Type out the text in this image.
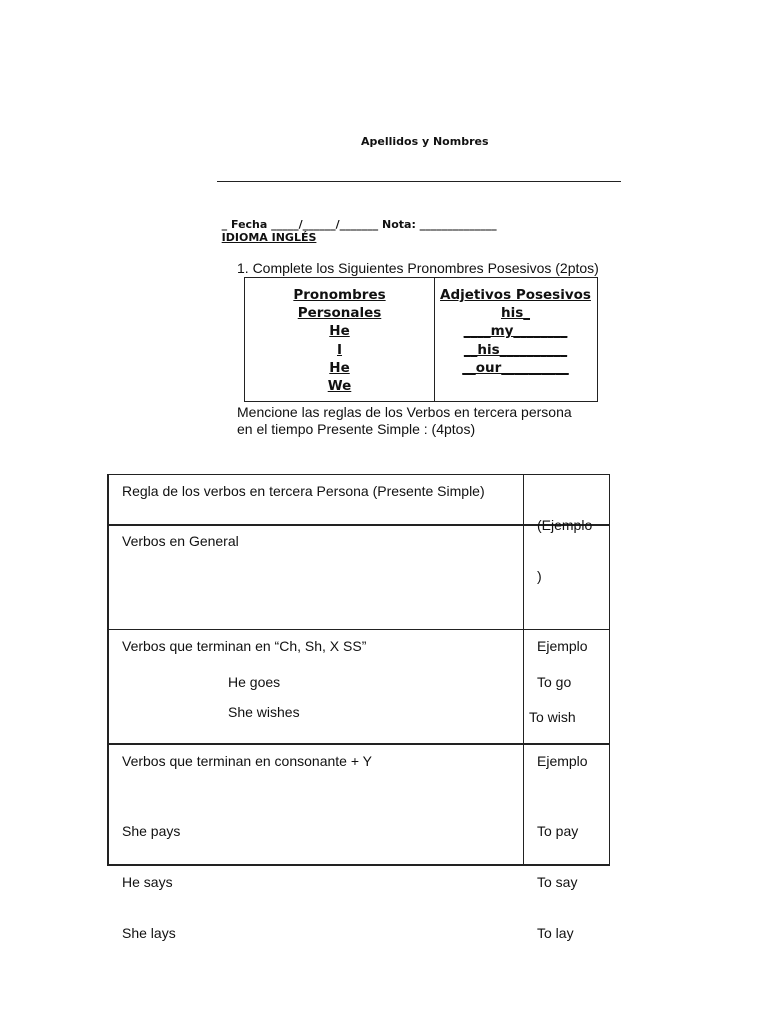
Apellidos y Nombres

_ Fecha _____/______/_______ Nota: ______________
IDIOMA INGLÉS

1. Complete los Siguientes Pronombres Posesivos (2ptos)
Pronombres
Personales
He
I
He
We
Adjetivos Posesivos
his_
____my________
__his__________
__our__________
Mencione las reglas de los Verbos en tercera persona
en el tiempo Presente Simple : (4ptos)
Regla de los verbos en tercera Persona (Presente Simple)

(Ejemplo

)

Verbos en General
Verbos que terminan en “Ch, Sh, X SS”
He goes
She wishes
Ejemplo
To go
To wish
Verbos que terminan en consonante + Y

She pays

He says

She lays

Ejemplo

To pay

To say

To lay
